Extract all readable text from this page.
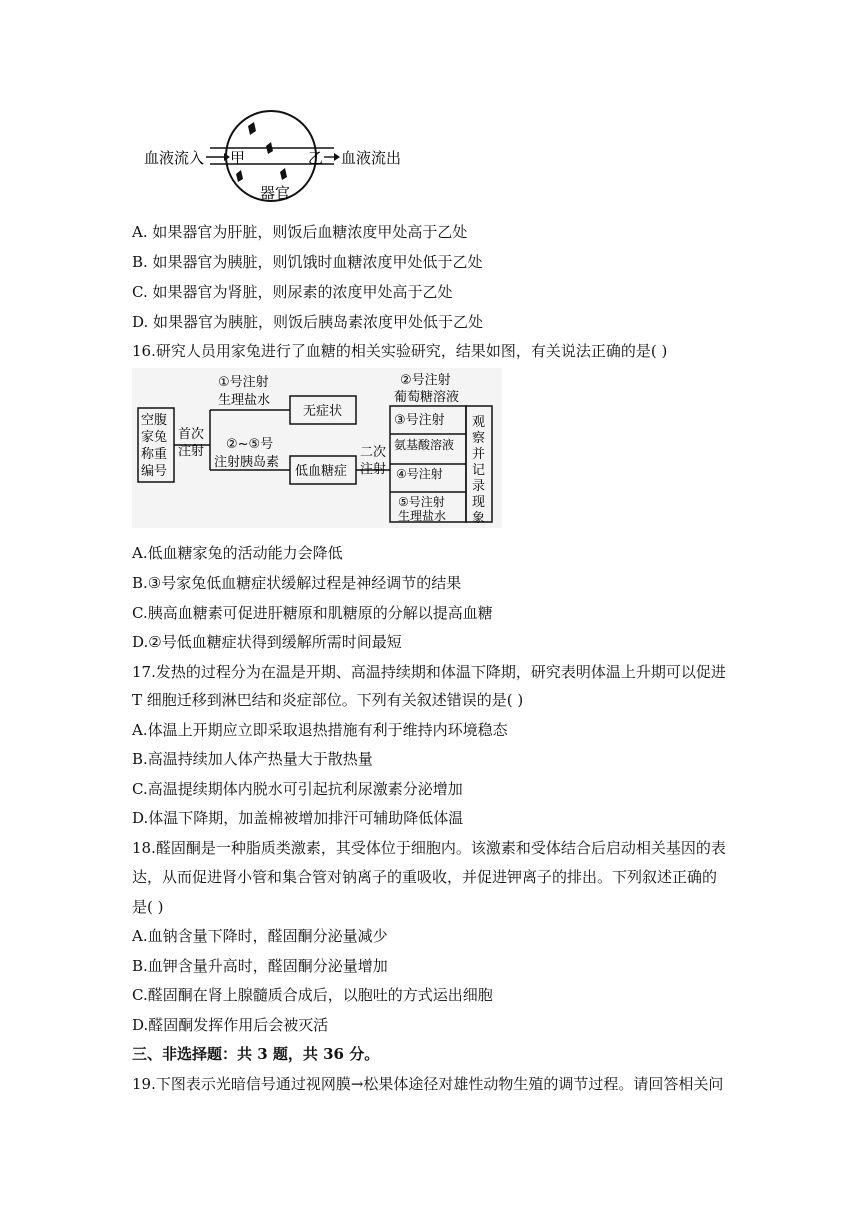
血液流入 甲	乙 血液流出
器官
A. 如果器官为肝脏，则饭后血糖浓度甲处高于乙处
B. 如果器官为胰脏，则饥饿时血糖浓度甲处低于乙处
C. 如果器官为肾脏，则尿素的浓度甲处高于乙处
D. 如果器官为胰脏，则饭后胰岛素浓度甲处低于乙处
16.研究人员用家兔进行了血糖的相关实验研究，结果如图，有关说法正确的是( )
空腹
家兔
称重
编号
首次
注射
①号注射
生理盐水
②~⑤号
注射胰岛素
无症状
低血糖症
二次
注射
②号注射
葡萄糖溶液
③号注射
氨基酸溶液
④号注射
⑤号注射
生理盐水
观
察
并
记
录
现
象
A.低血糖家兔的活动能力会降低
B.③号家兔低血糖症状缓解过程是神经调节的结果
C.胰高血糖素可促进肝糖原和肌糖原的分解以提高血糖
D.②号低血糖症状得到缓解所需时间最短
17.发热的过程分为在温是开期、高温持续期和体温下降期，研究表明体温上升期可以促进
T 细胞迁移到淋巴结和炎症部位。下列有关叙述错误的是( )
A.体温上开期应立即采取退热措施有利于维持内环境稳态
B.高温持续加人体产热量大于散热量
C.高温提续期体内脱水可引起抗利尿激素分泌增加
D.体温下降期，加盖棉被增加排汗可辅助降低体温
18.醛固酮是一种脂质类激素，其受体位于细胞内。该激素和受体结合后启动相关基因的表
达，从而促进肾小管和集合管对钠离子的重吸收，并促进钾离子的排出。下列叙述正确的
是( )
A.血钠含量下降时，醛固酮分泌量减少
B.血钾含量升高时，醛固酮分泌量增加
C.醛固酮在肾上腺髓质合成后，以胞吐的方式运出细胞
D.醛固酮发挥作用后会被灭活
三、非选择题：共 3 题，共 36 分。
19.下图表示光暗信号通过视网膜→松果体途径对雄性动物生殖的调节过程。请回答相关问
